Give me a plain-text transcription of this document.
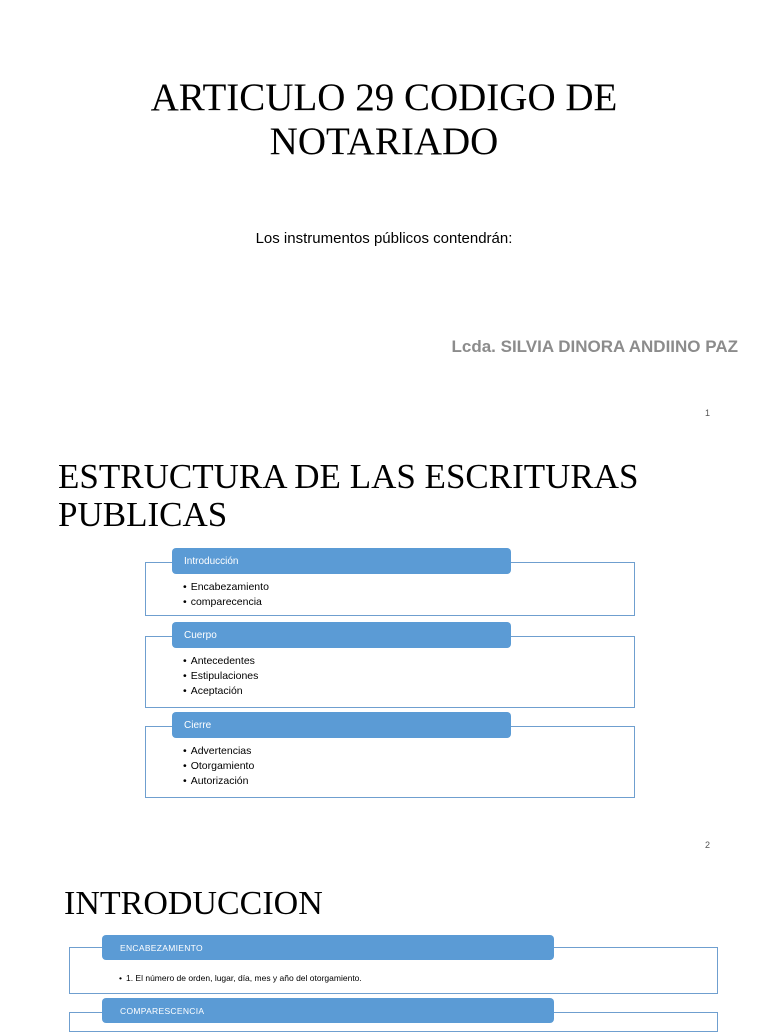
ARTICULO 29 CODIGO DE
NOTARIADO
Los instrumentos públicos contendrán:
Lcda. SILVIA DINORA ANDIINO PAZ
1
ESTRUCTURA DE LAS ESCRITURAS
PUBLICAS
Introducción
• Encabezamiento
• comparecencia
Cuerpo
• Antecedentes
• Estipulaciones
• Aceptación
Cierre
• Advertencias
• Otorgamiento
• Autorización
2
INTRODUCCION
ENCABEZAMIENTO
• 1. El número de orden, lugar, día, mes y año del otorgamiento.
COMPARESCENCIA
